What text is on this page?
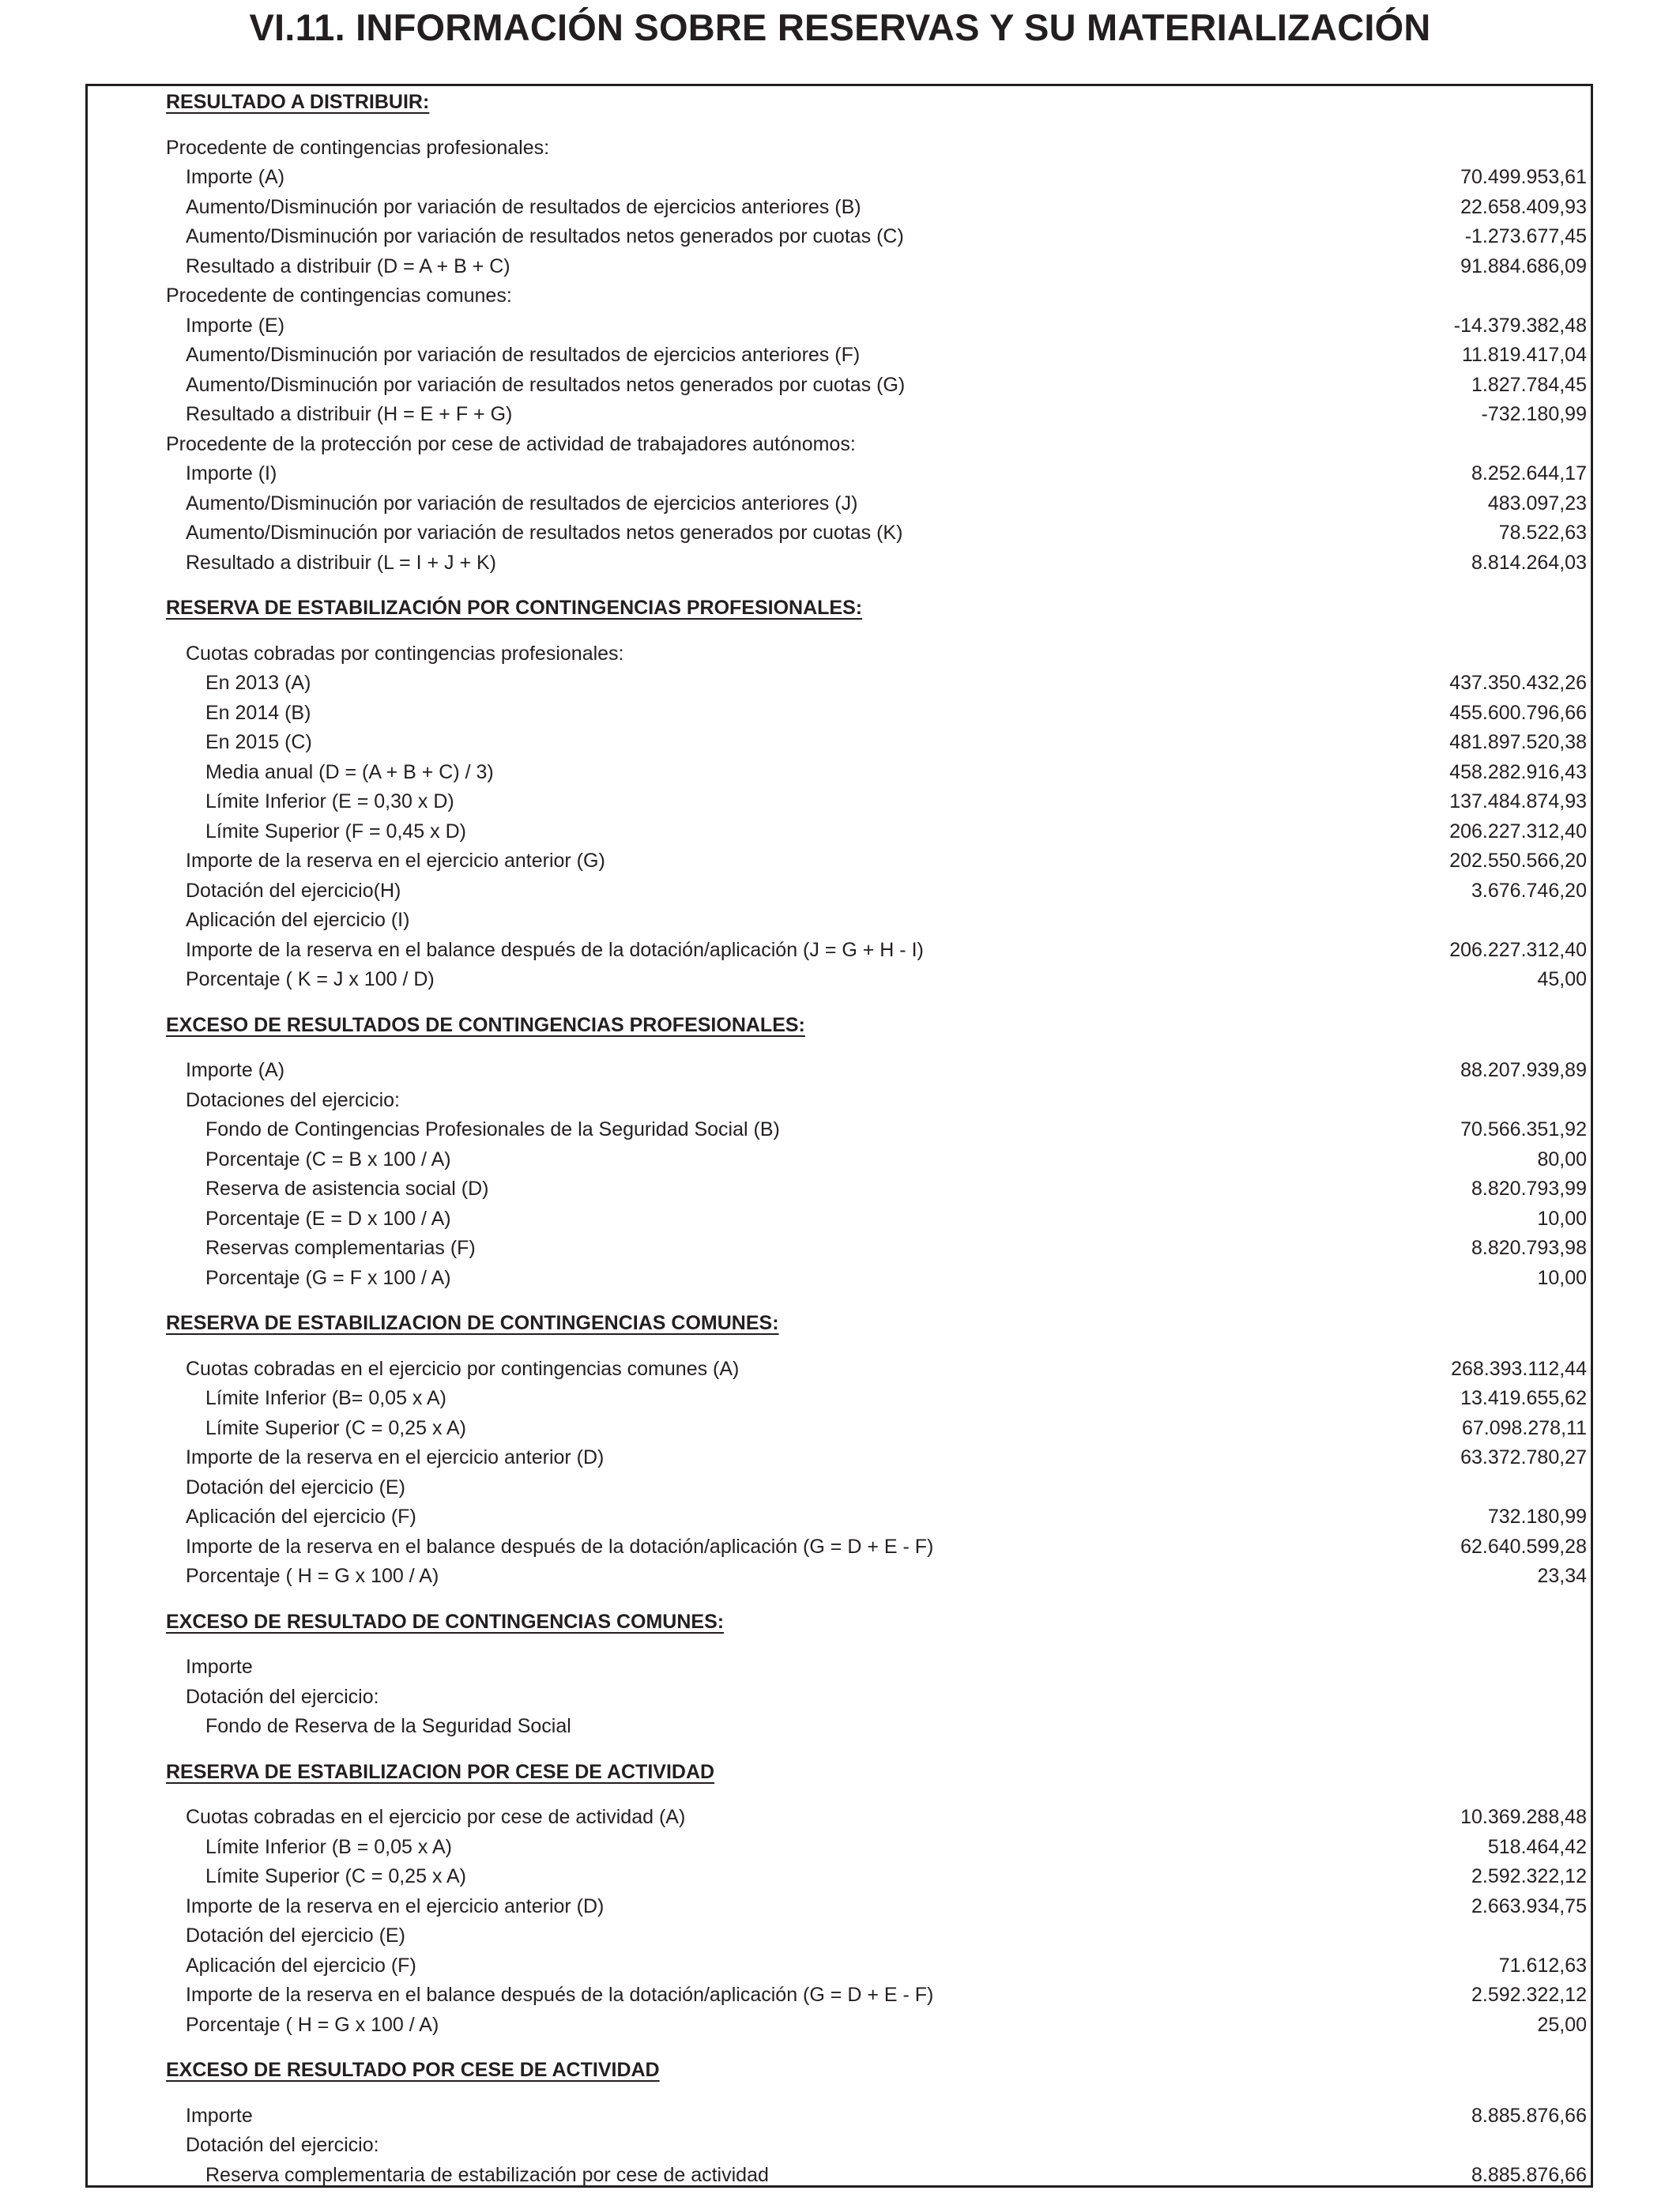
VI.11. INFORMACIÓN SOBRE RESERVAS Y SU MATERIALIZACIÓN
RESULTADO A DISTRIBUIR:
Procedente de contingencias profesionales:
Importe (A)	70.499.953,61
Aumento/Disminución por variación de resultados de ejercicios anteriores (B)	22.658.409,93
Aumento/Disminución por variación de resultados netos generados por cuotas (C)	-1.273.677,45
Resultado a distribuir (D = A + B + C)	91.884.686,09
Procedente de contingencias comunes:
Importe (E)	-14.379.382,48
Aumento/Disminución por variación de resultados de ejercicios anteriores (F)	11.819.417,04
Aumento/Disminución por variación de resultados netos generados por cuotas (G)	1.827.784,45
Resultado a distribuir (H = E + F + G)	-732.180,99
Procedente de la protección por cese de actividad de trabajadores autónomos:
Importe (I)	8.252.644,17
Aumento/Disminución por variación de resultados de ejercicios anteriores (J)	483.097,23
Aumento/Disminución por variación de resultados netos generados por cuotas (K)	78.522,63
Resultado a distribuir (L = I + J + K)	8.814.264,03
RESERVA DE ESTABILIZACIÓN POR CONTINGENCIAS PROFESIONALES:
Cuotas cobradas por contingencias profesionales:
En 2013 (A)	437.350.432,26
En 2014 (B)	455.600.796,66
En 2015 (C)	481.897.520,38
Media anual (D = (A + B + C) / 3)	458.282.916,43
Límite Inferior (E = 0,30 x D)	137.484.874,93
Límite Superior (F = 0,45 x D)	206.227.312,40
Importe de la reserva en el ejercicio anterior (G)	202.550.566,20
Dotación del ejercicio(H)	3.676.746,20
Aplicación del ejercicio (I)
Importe de la reserva en el balance después de la dotación/aplicación (J = G + H - I)	206.227.312,40
Porcentaje ( K = J x 100 / D)	45,00
EXCESO DE RESULTADOS DE CONTINGENCIAS PROFESIONALES:
Importe (A)	88.207.939,89
Dotaciones del ejercicio:
Fondo de Contingencias Profesionales de la Seguridad Social (B)	70.566.351,92
Porcentaje (C = B x 100 / A)	80,00
Reserva de asistencia social (D)	8.820.793,99
Porcentaje (E = D x 100 / A)	10,00
Reservas complementarias (F)	8.820.793,98
Porcentaje (G = F x 100 / A)	10,00
RESERVA DE ESTABILIZACION DE CONTINGENCIAS COMUNES:
Cuotas cobradas en el ejercicio por contingencias comunes (A)	268.393.112,44
Límite Inferior (B= 0,05 x A)	13.419.655,62
Límite Superior (C = 0,25 x A)	67.098.278,11
Importe de la reserva en el ejercicio anterior (D)	63.372.780,27
Dotación del ejercicio (E)
Aplicación del ejercicio (F)	732.180,99
Importe de la reserva en el balance después de la dotación/aplicación (G = D + E - F)	62.640.599,28
Porcentaje ( H = G x 100 / A)	23,34
EXCESO DE RESULTADO DE CONTINGENCIAS COMUNES:
Importe
Dotación del ejercicio:
Fondo de Reserva de la Seguridad Social
RESERVA DE ESTABILIZACION POR CESE DE ACTIVIDAD
Cuotas cobradas en el ejercicio por cese de actividad (A)	10.369.288,48
Límite Inferior (B = 0,05 x A)	518.464,42
Límite Superior (C = 0,25 x A)	2.592.322,12
Importe de la reserva en el ejercicio anterior (D)	2.663.934,75
Dotación del ejercicio (E)
Aplicación del ejercicio (F)	71.612,63
Importe de la reserva en el balance después de la dotación/aplicación (G = D + E - F)	2.592.322,12
Porcentaje ( H = G x 100 / A)	25,00
EXCESO DE RESULTADO POR CESE DE ACTIVIDAD
Importe	8.885.876,66
Dotación del ejercicio:
Reserva complementaria de estabilización por cese de actividad	8.885.876,66
